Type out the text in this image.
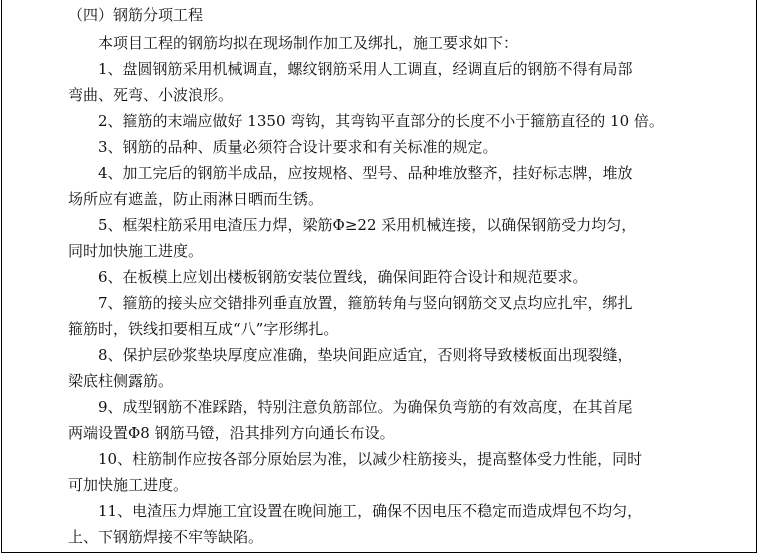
（四）钢筋分项工程
本项目工程的钢筋均拟在现场制作加工及绑扎，施工要求如下：
1、盘圆钢筋采用机械调直，螺纹钢筋采用人工调直，经调直后的钢筋不得有局部
弯曲、死弯、小波浪形。
2、箍筋的末端应做好 1350 弯钩，其弯钩平直部分的长度不小于箍筋直径的 10 倍。
3、钢筋的品种、质量必须符合设计要求和有关标准的规定。
4、加工完后的钢筋半成品，应按规格、型号、品种堆放整齐，挂好标志牌，堆放
场所应有遮盖，防止雨淋日晒而生锈。
5、框架柱筋采用电渣压力焊，梁筋Φ≥22 采用机械连接，以确保钢筋受力均匀，
同时加快施工进度。
6、在板模上应划出楼板钢筋安装位置线，确保间距符合设计和规范要求。
7、箍筋的接头应交错排列垂直放置，箍筋转角与竖向钢筋交叉点均应扎牢，绑扎
箍筋时，铁线扣要相互成“八”字形绑扎。
8、保护层砂浆垫块厚度应准确，垫块间距应适宜，否则将导致楼板面出现裂缝，
梁底柱侧露筋。
9、成型钢筋不准踩踏，特别注意负筋部位。为确保负弯筋的有效高度，在其首尾
两端设置Φ8 钢筋马镫，沿其排列方向通长布设。
10、柱筋制作应按各部分原始层为准，以减少柱筋接头，提高整体受力性能，同时
可加快施工进度。
11、电渣压力焊施工宜设置在晚间施工，确保不因电压不稳定而造成焊包不均匀，
上、下钢筋焊接不牢等缺陷。
